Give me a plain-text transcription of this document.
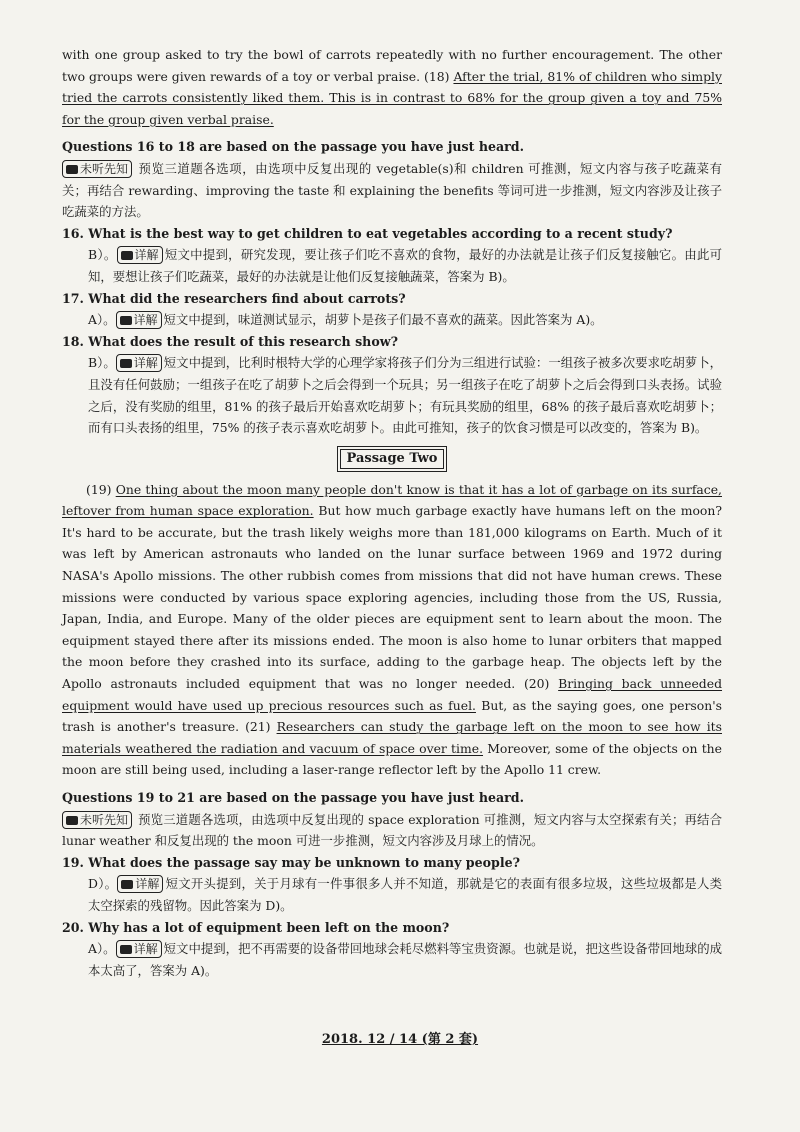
with one group asked to try the bowl of carrots repeatedly with no further encouragement. The other two groups were given rewards of a toy or verbal praise. (18) After the trial, 81% of children who simply tried the carrots consistently liked them. This is in contrast to 68% for the group given a toy and 75% for the group given verbal praise.

Questions 16 to 18 are based on the passage you have just heard.

未听先知 预览三道题各选项，由选项中反复出现的 vegetable(s)和 children 可推测，短文内容与孩子吃蔬菜有关；再结合 rewarding、improving the taste 和 explaining the benefits 等词可进一步推测，短文内容涉及让孩子吃蔬菜的方法。

16. What is the best way to get children to eat vegetables according to a recent study?

B）。 详解 短文中提到，研究发现，要让孩子们吃不喜欢的食物，最好的办法就是让孩子们反复接触它。由此可知，要想让孩子们吃蔬菜，最好的办法就是让他们反复接触蔬菜，答案为 B)。

17. What did the researchers find about carrots?

A）。 详解 短文中提到，味道测试显示，胡萝卜是孩子们最不喜欢的蔬菜。因此答案为 A)。

18. What does the result of this research show?

B）。 详解 短文中提到，比利时根特大学的心理学家将孩子们分为三组进行试验：一组孩子被多次要求吃胡萝卜，且没有任何鼓励；一组孩子在吃了胡萝卜之后会得到一个玩具；另一组孩子在吃了胡萝卜之后会得到口头表扬。试验之后，没有奖励的组里，81% 的孩子最后开始喜欢吃胡萝卜；有玩具奖励的组里，68% 的孩子最后喜欢吃胡萝卜；而有口头表扬的组里，75% 的孩子表示喜欢吃胡萝卜。由此可推知，孩子的饮食习惯是可以改变的，答案为 B)。

Passage Two

(19) One thing about the moon many people don't know is that it has a lot of garbage on its surface, leftover from human space exploration. But how much garbage exactly have humans left on the moon? It's hard to be accurate, but the trash likely weighs more than 181,000 kilograms on Earth. Much of it was left by American astronauts who landed on the lunar surface between 1969 and 1972 during NASA's Apollo missions. The other rubbish comes from missions that did not have human crews. These missions were conducted by various space exploring agencies, including those from the US, Russia, Japan, India, and Europe. Many of the older pieces are equipment sent to learn about the moon. The equipment stayed there after its missions ended. The moon is also home to lunar orbiters that mapped the moon before they crashed into its surface, adding to the garbage heap. The objects left by the Apollo astronauts included equipment that was no longer needed. (20) Bringing back unneeded equipment would have used up precious resources such as fuel. But, as the saying goes, one person's trash is another's treasure. (21) Researchers can study the garbage left on the moon to see how its materials weathered the radiation and vacuum of space over time. Moreover, some of the objects on the moon are still being used, including a laser-range reflector left by the Apollo 11 crew.

Questions 19 to 21 are based on the passage you have just heard.

未听先知 预览三道题各选项，由选项中反复出现的 space exploration 可推测，短文内容与太空探索有关；再结合 lunar weather 和反复出现的 the moon 可进一步推测，短文内容涉及月球上的情况。

19. What does the passage say may be unknown to many people?

D）。 详解 短文开头提到，关于月球有一件事很多人并不知道，那就是它的表面有很多垃圾，这些垃圾都是人类太空探索的残留物。因此答案为 D)。

20. Why has a lot of equipment been left on the moon?

A）。 详解 短文中提到，把不再需要的设备带回地球会耗尽燃料等宝贵资源。也就是说，把这些设备带回地球的成本太高了，答案为 A)。

2018. 12 / 14 (第 2 套)
